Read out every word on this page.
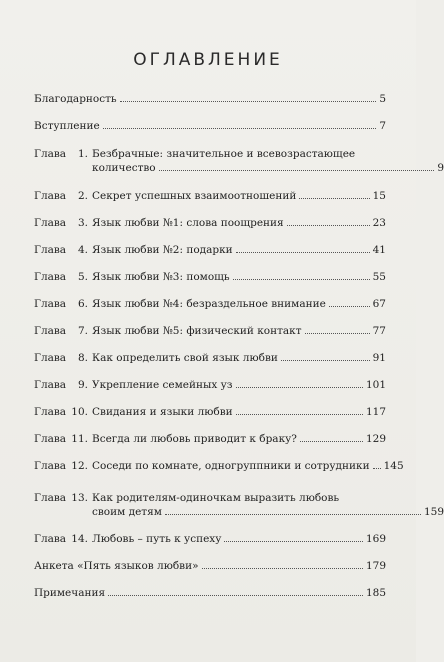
ОГЛАВЛЕНИЕ
Благодарность	5
Вступление	7
Глава	1. Безбрачные: значительное и всевозрастающее
количество	9
Глава	2. Секрет успешных взаимоотношений	15
Глава	3. Язык любви №1: слова поощрения	23
Глава	4. Язык любви №2: подарки	41
Глава	5. Язык любви №3: помощь	55
Глава	6. Язык любви №4: безраздельное внимание	67
Глава	7. Язык любви №5: физический контакт	77
Глава	8. Как определить свой язык любви	91
Глава	9. Укрепление семейных уз	101
Глава 10. Свидания и языки любви	117
Глава 11. Всегда ли любовь приводит к браку?	129
Глава 12. Соседи по комнате, одногруппники и сотрудники 145
Глава 13. Как родителям-одиночкам выразить любовь
своим детям	159
Глава 14. Любовь – путь к успеху	169
Анкета «Пять языков любви»	179
Примечания	185
